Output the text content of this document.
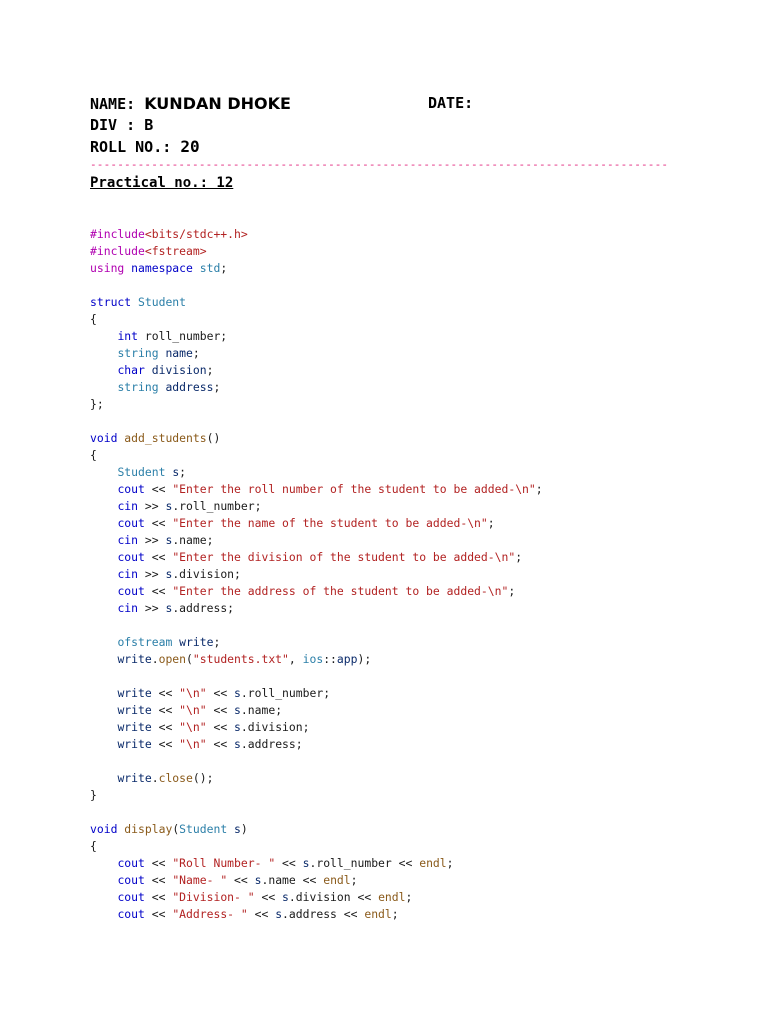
NAME: KUNDAN DHOKE	DATE:
DIV : B
ROLL NO.: 20
-------------------------------------------------------------------------------------
Practical no.: 12
#include<bits/stdc++.h>
#include<fstream>
using namespace std;
struct Student
{
int roll_number;
string name;
char division;
string address;
};
void add_students()
{
Student s;
cout << "Enter the roll number of the student to be added-\n";
cin >> s.roll_number;
cout << "Enter the name of the student to be added-\n";
cin >> s.name;
cout << "Enter the division of the student to be added-\n";
cin >> s.division;
cout << "Enter the address of the student to be added-\n";
cin >> s.address;
ofstream write;
write.open("students.txt", ios::app);
write << "\n" << s.roll_number;
write << "\n" << s.name;
write << "\n" << s.division;
write << "\n" << s.address;
write.close();
}
void display(Student s)
{
cout << "Roll Number- " << s.roll_number << endl;
cout << "Name- " << s.name << endl;
cout << "Division- " << s.division << endl;
cout << "Address- " << s.address << endl;
